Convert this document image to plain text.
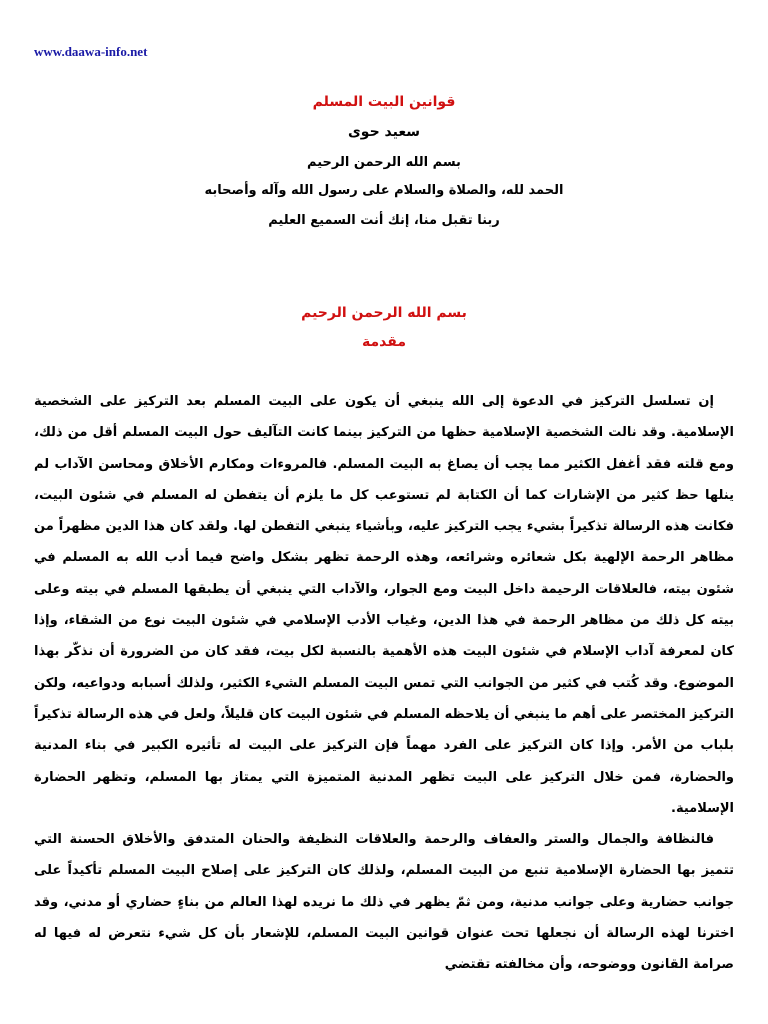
www.daawa-info.net
قوانين البيت المسلم
سعيد حوى
بسم الله الرحمن الرحيم
الحمد لله، والصلاة والسلام على رسول الله وآله وأصحابه
ربنا تقبل منا، إنك أنت السميع العليم
بسم الله الرحمن الرحيم
مقدمة

إن تسلسل التركيز في الدعوة إلى الله ينبغي أن يكون على البيت المسلم بعد التركيز على الشخصية الإسلامية. وقد نالت الشخصية الإسلامية حظها من التركيز بينما كانت التآليف حول البيت المسلم أقل من ذلك، ومع قلته فقد أغفل الكثير مما يجب أن يصاغ به البيت المسلم. فالمروءات ومكارم الأخلاق ومحاسن الآداب لم ينلها حظ كثير من الإشارات كما أن الكتابة لم تستوعب كل ما يلزم أن يتفطن له المسلم في شئون البيت، فكانت هذه الرسالة تذكيراً بشيء يجب التركيز عليه، وبأشياء ينبغي التفطن لها. ولقد كان هذا الدين مظهراً من مظاهر الرحمة الإلهية بكل شعائره وشرائعه، وهذه الرحمة تظهر بشكل واضح فيما أدب الله به المسلم في شئون بيته، فالعلاقات الرحيمة داخل البيت ومع الجوار، والآداب التي ينبغي أن يطبقها المسلم في بيته وعلى بيته كل ذلك من مظاهر الرحمة في هذا الدين، وغياب الأدب الإسلامي في شئون البيت نوع من الشقاء، وإذا كان لمعرفة آداب الإسلام في شئون البيت هذه الأهمية بالنسبة لكل بيت، فقد كان من الضرورة أن نذكّر بهذا الموضوع. وقد كُتب في كثير من الجوانب التي تمس البيت المسلم الشيء الكثير، ولذلك أسبابه ودواعيه، ولكن التركيز المختصر على أهم ما ينبغي أن يلاحظه المسلم في شئون البيت كان قليلاً، ولعل في هذه الرسالة تذكيراً بلباب من الأمر. وإذا كان التركيز على الفرد مهماً فإن التركيز على البيت له تأثيره الكبير في بناء المدنية والحضارة، فمن خلال التركيز على البيت تظهر المدنية المتميزة التي يمتاز بها المسلم، وتظهر الحضارة الإسلامية.

فالنظافة والجمال والستر والعفاف والرحمة والعلاقات النظيفة والحنان المتدفق والأخلاق الحسنة التي تتميز بها الحضارة الإسلامية تنبع من البيت المسلم، ولذلك كان التركيز على إصلاح البيت المسلم تأكيداً على جوانب حضارية وعلى جوانب مدنية، ومن ثمّ يظهر في ذلك ما نريده لهذا العالم من بناءٍ حضاري أو مدني، وقد اخترنا لهذه الرسالة أن نجعلها تحت عنوان قوانين البيت المسلم، للإشعار بأن كل شيء نتعرض له فيها له صرامة القانون ووضوحه، وأن مخالفته تقتضي
